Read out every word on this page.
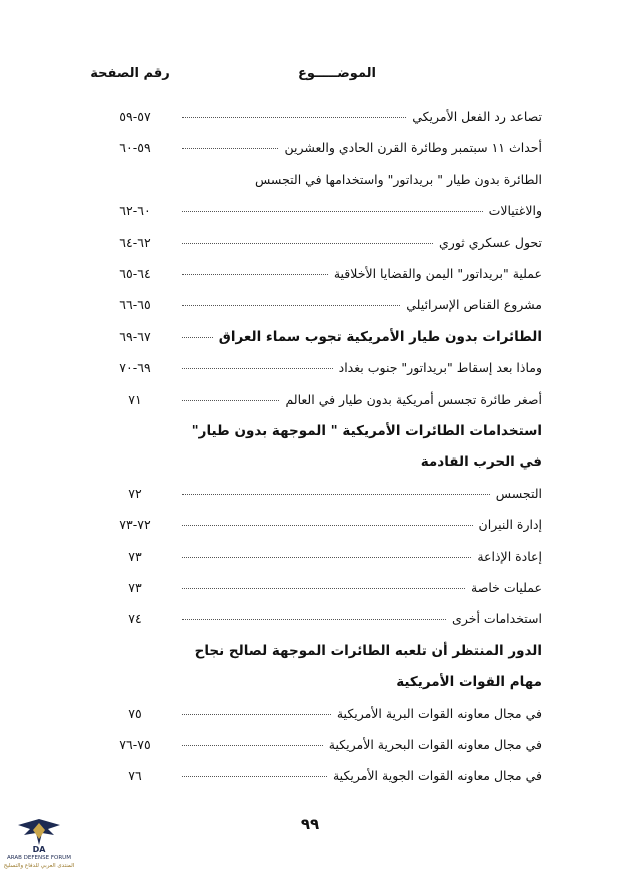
الموضـــــوع
رقم الصفحة
تصاعد رد الفعل الأمريكي
٥٧-٥٩
أحداث ١١ سبتمبر وطائرة القرن الحادي والعشرين
٥٩-٦٠
الطائرة بدون طيار " بريداتور" واستخدامها في التجسس
والاغتيالات
٦٠-٦٢
تحول عسكري ثوري
٦٢-٦٤
عملية "بريداتور" اليمن والقضايا الأخلاقية
٦٤-٦٥
مشروع القناص الإسرائيلي
٦٥-٦٦
الطائرات بدون طيار الأمريكية تجوب سماء العراق
٦٧-٦٩
وماذا بعد إسقاط "بريداتور" جنوب بغداد
٦٩-٧٠
أصغر طائرة تجسس أمريكية بدون طيار في العالم
٧١
استخدامات الطائرات الأمريكية " الموجهة بدون طيار"
في الحرب القادمة
التجسس
٧٢
إدارة النيران
٧٢-٧٣
إعادة الإذاعة
٧٣
عمليات خاصة
٧٣
استخدامات أخرى
٧٤
الدور المنتظر أن تلعبه الطائرات الموجهة لصالح نجاح
مهام القوات الأمريكية
في مجال معاونه القوات البرية الأمريكية
٧٥
في مجال معاونه القوات البحرية الأمريكية
٧٥-٧٦
في مجال معاونه القوات الجوية الأمريكية
٧٦
٩٩
DA
ARAB DEFENSE FORUM
المنتدى العربي للدفاع والتسليح
